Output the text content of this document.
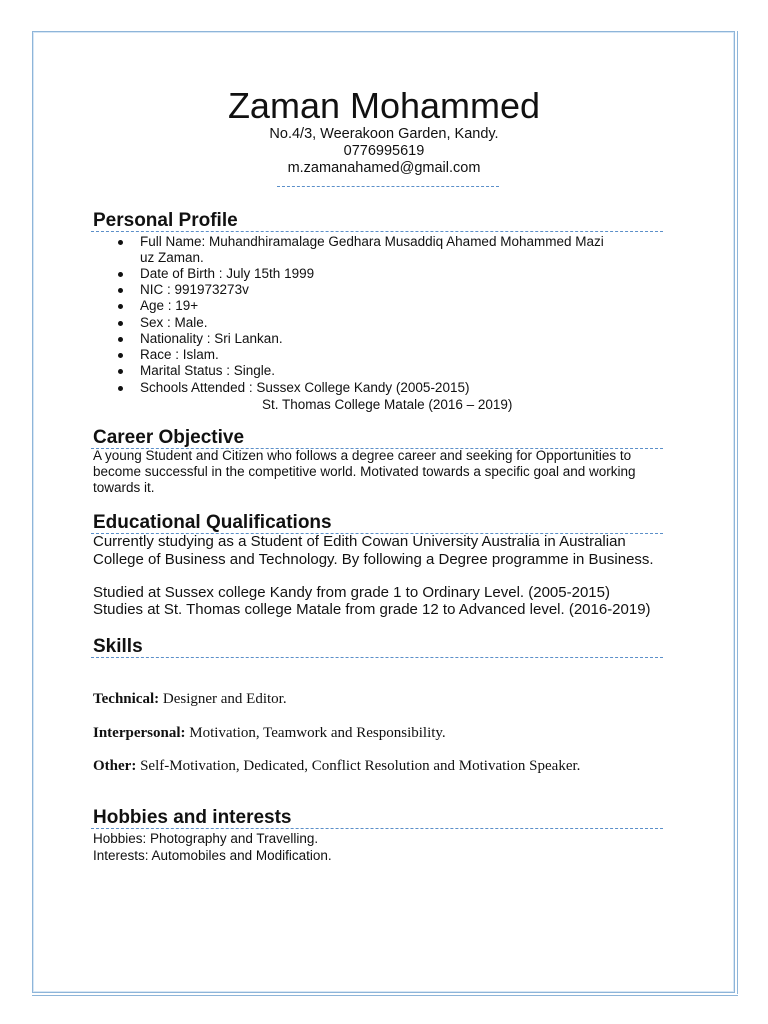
Zaman Mohammed
No.4/3, Weerakoon Garden, Kandy.
0776995619
m.zamanahamed@gmail.com
Personal Profile
Full Name: Muhandhiramalage Gedhara Musaddiq Ahamed Mohammed Mazi
uz Zaman.
Date of Birth : July 15th 1999
NIC : 991973273v
Age : 19+
Sex : Male.
Nationality : Sri Lankan.
Race : Islam.
Marital Status : Single.
Schools Attended : Sussex College Kandy (2005-2015)
St. Thomas College Matale (2016 – 2019)
Career Objective
A young Student and Citizen who follows a degree career and seeking for Opportunities to
become successful in the competitive world. Motivated towards a specific goal and working
towards it.
Educational Qualifications
Currently studying as a Student of Edith Cowan University Australia in Australian
College of Business and Technology. By following a Degree programme in Business.
Studied at Sussex college Kandy from grade 1 to Ordinary Level. (2005-2015)
Studies at St. Thomas college Matale from grade 12 to Advanced level. (2016-2019)
Skills
Technical: Designer and Editor.
Interpersonal: Motivation, Teamwork and Responsibility.
Other: Self-Motivation, Dedicated, Conflict Resolution and Motivation Speaker.
Hobbies and interests
Hobbies: Photography and Travelling.
Interests: Automobiles and Modification.
